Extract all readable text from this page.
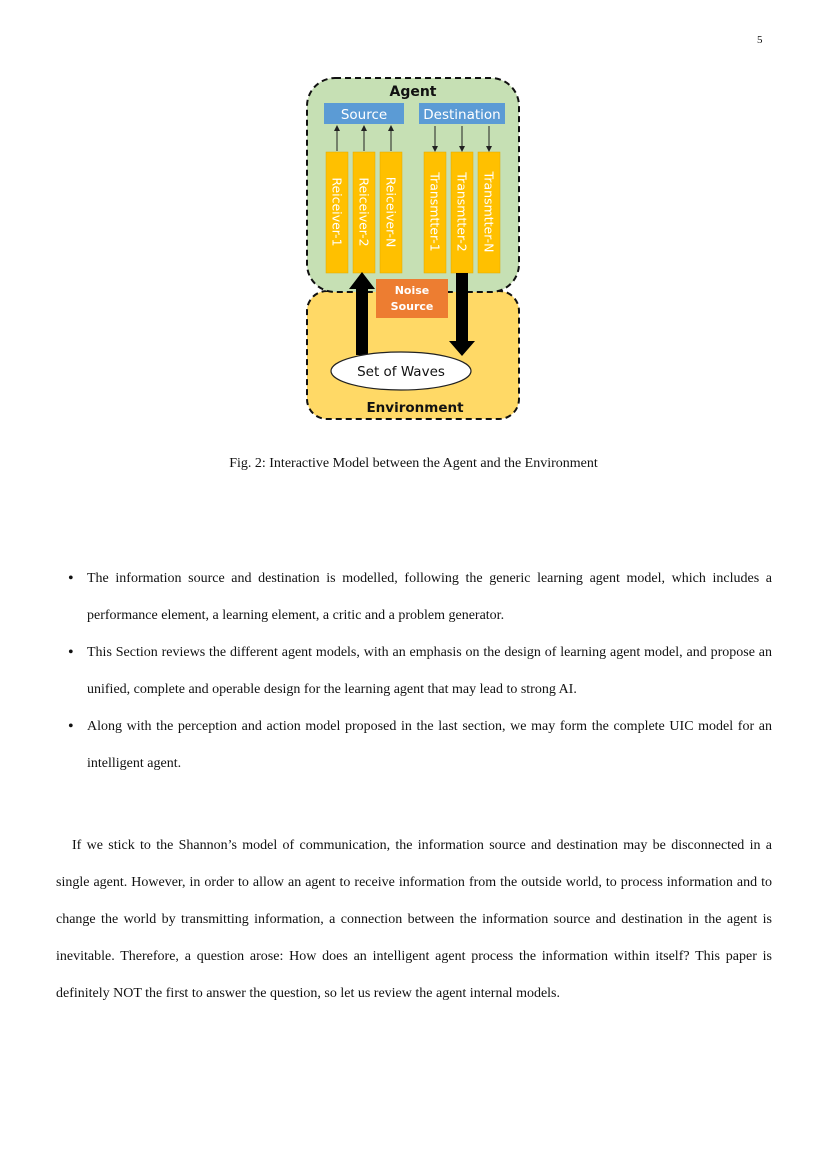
5
Agent
Source	Destination
Reiceiver-1 Reiceiver-2 Reiceiver-N Transmtter-1 Transmtter-2 Transmtter-N
Noise
Source
Set of Waves
Environment
Fig. 2: Interactive Model between the Agent and the Environment
• The information source and destination is modelled, following the generic learning agent model, which includes a performance element, a learning element, a critic and a problem generator.
• This Section reviews the different agent models, with an emphasis on the design of learning agent model, and propose an unified, complete and operable design for the learning agent that may lead to strong AI.
• Along with the perception and action model proposed in the last section, we may form the complete UIC model for an intelligent agent.

If we stick to the Shannon’s model of communication, the information source and destination may be disconnected in a single agent. However, in order to allow an agent to receive information from the outside world, to process information and to change the world by transmitting information, a connection between the information source and destination in the agent is inevitable. Therefore, a question arose: How does an intelligent agent process the information within itself? This paper is definitely NOT the first to answer the question, so let us review the agent internal models.
